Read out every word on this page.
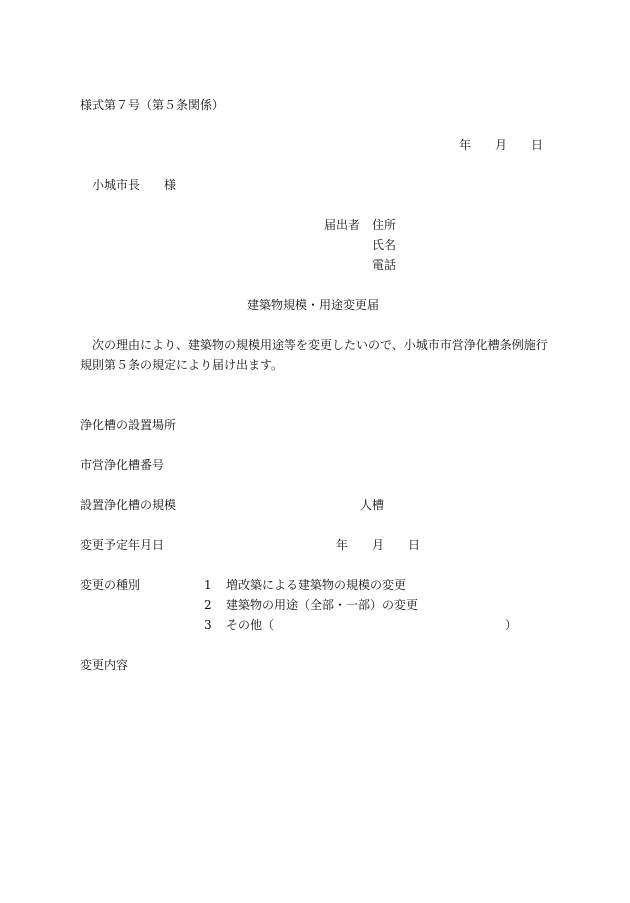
様式第７号（第５条関係）
年 月 日
小城市長　　様
届出者 住所
氏名
電話
建築物規模・用途変更届
次の理由により、建築物の規模用途等を変更したいので、小城市市営浄化槽条例施行
規則第５条の規定により届け出ます。
浄化槽の設置場所
市営浄化槽番号
設置浄化槽の規模	人槽
変更予定年月日	年 月 日
変更の種別	1 増改築による建築物の規模の変更
2 建築物の用途（全部・一部）の変更
3 その他（	）
変更内容
